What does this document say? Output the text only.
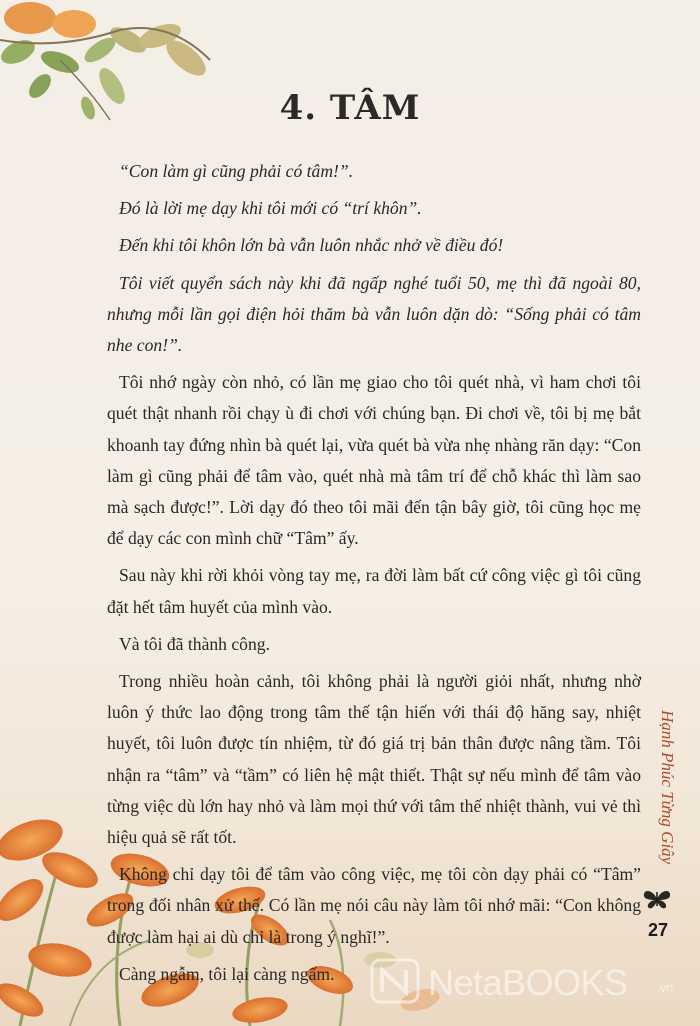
4. TÂM

“Con làm gì cũng phải có tâm!”.

Đó là lời mẹ dạy khi tôi mới có “trí khôn”.

Đến khi tôi khôn lớn bà vẫn luôn nhắc nhở về điều đó!

Tôi viết quyển sách này khi đã ngấp nghé tuổi 50, mẹ thì đã ngoài 80, nhưng mỗi lần gọi điện hỏi thăm bà vẫn luôn dặn dò: “Sống phải có tâm nhe con!”.

Tôi nhớ ngày còn nhỏ, có lần mẹ giao cho tôi quét nhà, vì ham chơi tôi quét thật nhanh rồi chạy ù đi chơi với chúng bạn. Đi chơi về, tôi bị mẹ bắt khoanh tay đứng nhìn bà quét lại, vừa quét bà vừa nhẹ nhàng răn dạy: “Con làm gì cũng phải để tâm vào, quét nhà mà tâm trí để chỗ khác thì làm sao mà sạch được!”. Lời dạy đó theo tôi mãi đến tận bây giờ, tôi cũng học mẹ để dạy các con mình chữ “Tâm” ấy.

Sau này khi rời khỏi vòng tay mẹ, ra đời làm bất cứ công việc gì tôi cũng đặt hết tâm huyết của mình vào.

Và tôi đã thành công.

Trong nhiều hoàn cảnh, tôi không phải là người giỏi nhất, nhưng nhờ luôn ý thức lao động trong tâm thế tận hiến với thái độ hăng say, nhiệt huyết, tôi luôn được tín nhiệm, từ đó giá trị bản thân được nâng tầm. Tôi nhận ra “tâm” và “tầm” có liên hệ mật thiết. Thật sự nếu mình để tâm vào từng việc dù lớn hay nhỏ và làm mọi thứ với tâm thế nhiệt thành, vui vẻ thì hiệu quả sẽ rất tốt.

Không chỉ dạy tôi để tâm vào công việc, mẹ tôi còn dạy phải có “Tâm” trong đối nhân xử thế. Có lần mẹ nói câu này làm tôi nhớ mãi: “Con không được làm hại ai dù chỉ là trong ý nghĩ!”.

Càng ngẫm, tôi lại càng ngấm.

Hạnh Phúc Từng Giây
27
NetaBOOKS .vn
